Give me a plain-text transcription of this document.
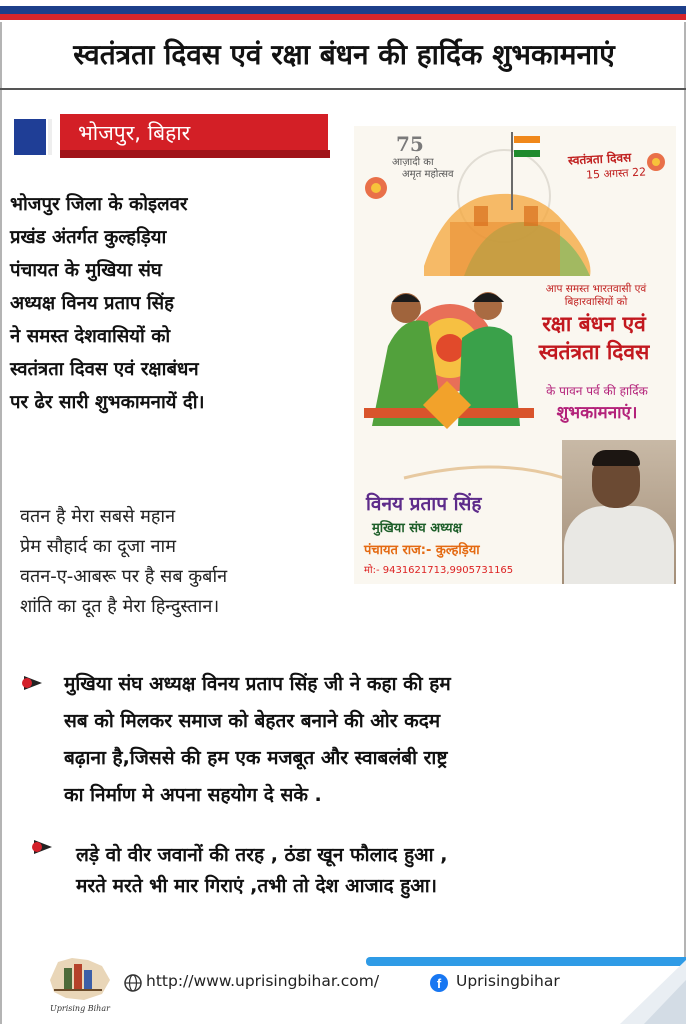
स्वतंत्रता दिवस एवं रक्षा बंधन की हार्दिक शुभकामनाएं
भोजपुर, बिहार
भोजपुर जिला के कोइलवर
प्रखंड अंतर्गत कुल्हड़िया
पंचायत के मुखिया संघ
अध्यक्ष विनय प्रताप सिंह
ने समस्त देशवासियों को
स्वतंत्रता दिवस एवं रक्षाबंधन
पर ढेर सारी शुभकामनायें दी।
वतन है मेरा सबसे महान
प्रेम सौहार्द का दूजा नाम
वतन-ए-आबरू पर है सब कुर्बान
शांति का दूत है मेरा हिन्दुस्तान।
75
आज़ादी का
अमृत महोत्सव
स्वतंत्रता दिवस
15 अगस्त 22
आप समस्त भारतवासी एवं
बिहारवासियों को
रक्षा बंधन एवं
स्वतंत्रता दिवस
के पावन पर्व की हार्दिक
शुभकामनाएं।
विनय प्रताप सिंह
मुखिया संघ अध्यक्ष
पंचायत राज:- कुल्हड़िया
मो:- 9431621713,9905731165
मुखिया संघ अध्यक्ष विनय प्रताप सिंह जी ने कहा की हम
सब को मिलकर समाज को बेहतर बनाने की ओर कदम
बढ़ाना है,जिससे की हम एक मजबूत और स्वाबलंबी राष्ट्र
का निर्माण मे अपना सहयोग दे सके .
लड़े वो वीर जवानों की तरह , ठंडा खून फौलाद हुआ ,
मरते मरते भी मार गिराएं ,तभी तो देश आजाद हुआ।
Uprising Bihar
http://www.uprisingbihar.com/	f Uprisingbihar
